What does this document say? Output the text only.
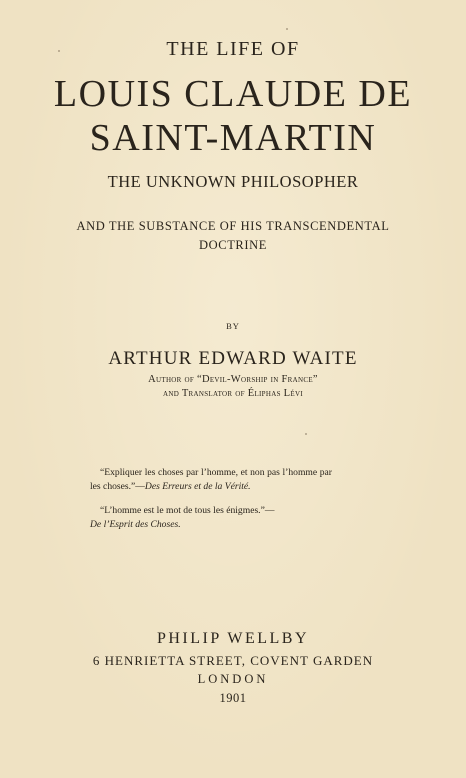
THE LIFE OF
LOUIS CLAUDE DE
SAINT-MARTIN
THE UNKNOWN PHILOSOPHER
AND THE SUBSTANCE OF HIS TRANSCENDENTAL
DOCTRINE
BY
ARTHUR EDWARD WAITE
Author of “Devil-Worship in France”
and Translator of Éliphas Lévi
“Expliquer les choses par l’homme, et non pas l’homme par les choses.”—Des Erreurs et de la Vérité.
“L’homme est le mot de tous les énigmes.”—
De l’Esprit des Choses.
PHILIP WELLBY
6 HENRIETTA STREET, COVENT GARDEN
LONDON
1901
